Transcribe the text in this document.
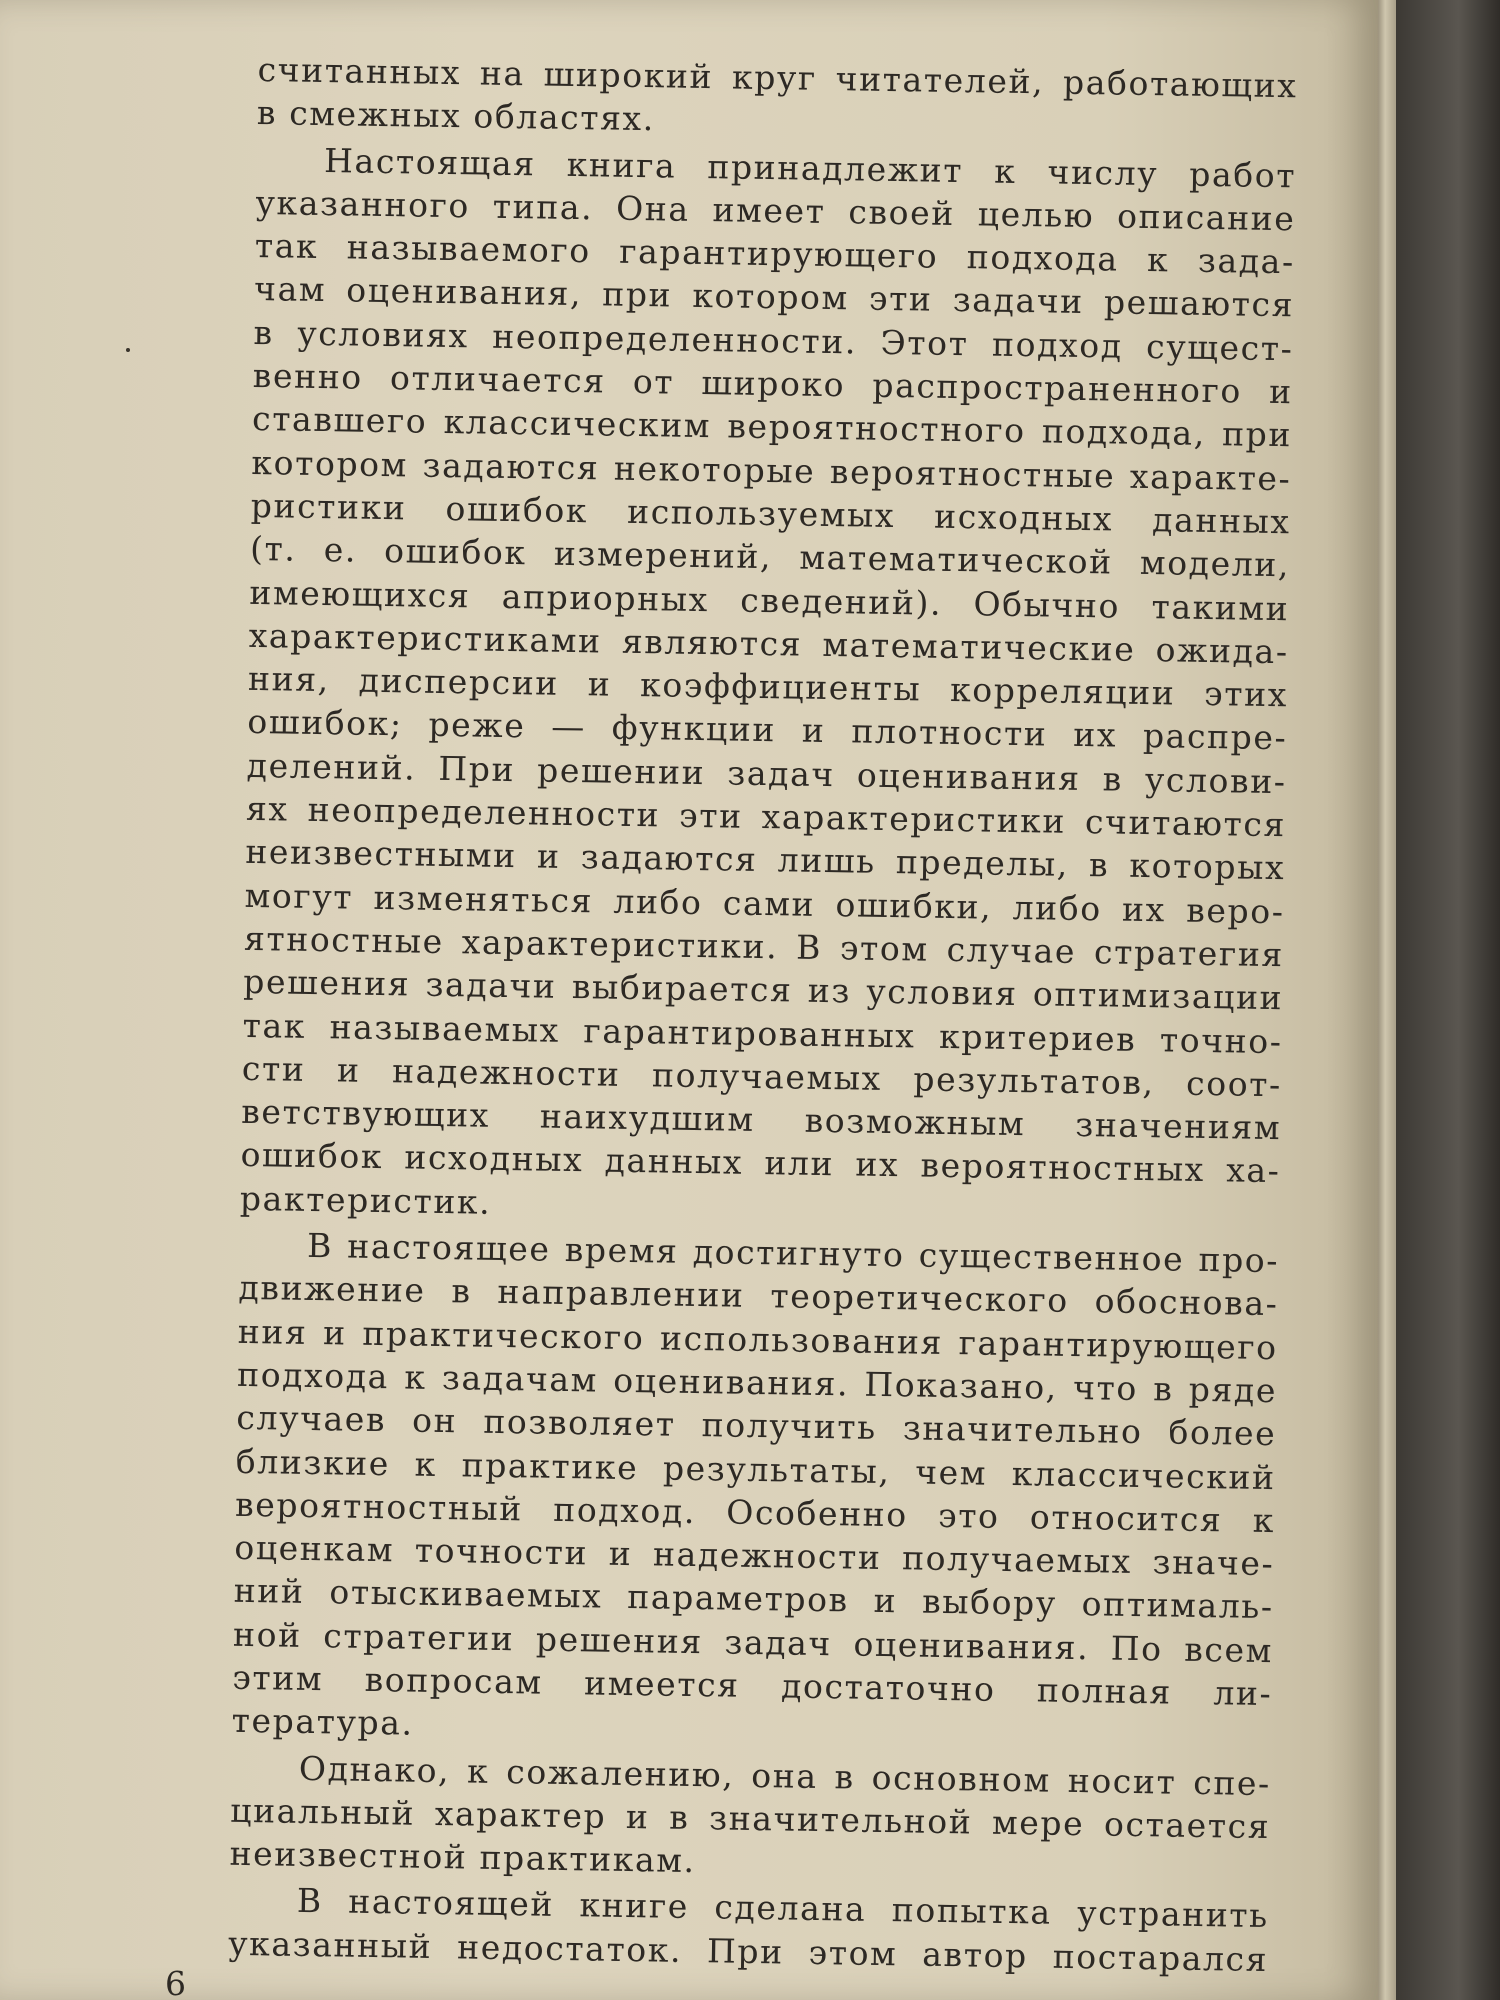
считанных на широкий круг читателей, работающих
в смежных областях.
Настоящая книга принадлежит к числу работ
указанного типа. Она имеет своей целью описание
так называемого гарантирующего подхода к зада-
чам оценивания, при котором эти задачи решаются
в условиях неопределенности. Этот подход сущест-
венно отличается от широко распространенного и
ставшего классическим вероятностного подхода, при
котором задаются некоторые вероятностные характе-
ристики ошибок используемых исходных данных
(т. е. ошибок измерений, математической модели,
имеющихся априорных сведений). Обычно такими
характеристиками являются математические ожида-
ния, дисперсии и коэффициенты корреляции этих
ошибок; реже — функции и плотности их распре-
делений. При решении задач оценивания в услови-
ях неопределенности эти характеристики считаются
неизвестными и задаются лишь пределы, в которых
могут изменяться либо сами ошибки, либо их веро-
ятностные характеристики. В этом случае стратегия
решения задачи выбирается из условия оптимизации
так называемых гарантированных критериев точно-
сти и надежности получаемых результатов, соот-
ветствующих наихудшим возможным значениям
ошибок исходных данных или их вероятностных ха-
рактеристик.
В настоящее время достигнуто существенное про-
движение в направлении теоретического обоснова-
ния и практического использования гарантирующего
подхода к задачам оценивания. Показано, что в ряде
случаев он позволяет получить значительно более
близкие к практике результаты, чем классический
вероятностный подход. Особенно это относится к
оценкам точности и надежности получаемых значе-
ний отыскиваемых параметров и выбору оптималь-
ной стратегии решения задач оценивания. По всем
этим вопросам имеется достаточно полная ли-
тература.
Однако, к сожалению, она в основном носит спе-
циальный характер и в значительной мере остается
неизвестной практикам.
В настоящей книге сделана попытка устранить
указанный недостаток. При этом автор постарался
6
